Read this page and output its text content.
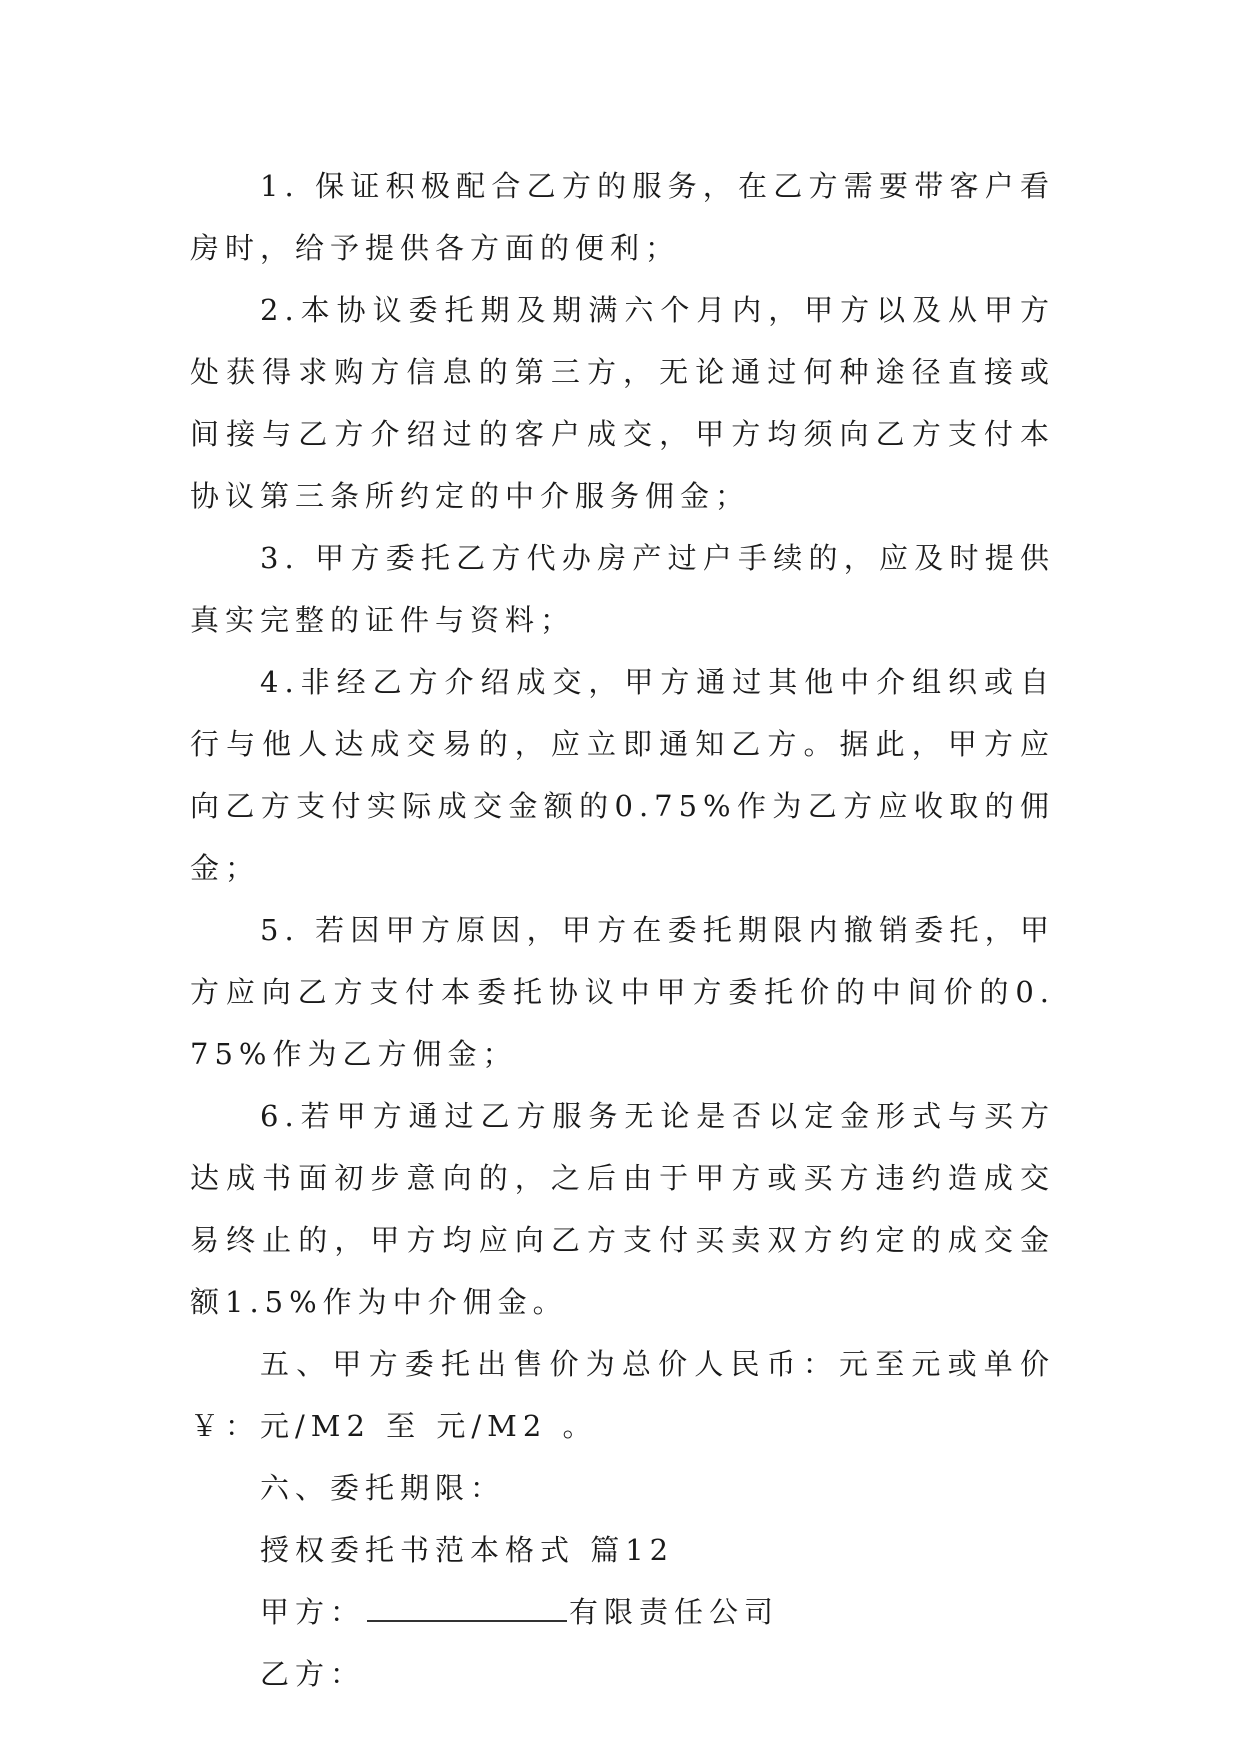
1. 保证积极配合乙方的服务，在乙方需要带客户看房时，给予提供各方面的便利；

2.本协议委托期及期满六个月内，甲方以及从甲方处获得求购方信息的第三方，无论通过何种途径直接或间接与乙方介绍过的客户成交，甲方均须向乙方支付本协议第三条所约定的中介服务佣金；

3. 甲方委托乙方代办房产过户手续的，应及时提供真实完整的证件与资料；

4.非经乙方介绍成交，甲方通过其他中介组织或自行与他人达成交易的，应立即通知乙方。据此，甲方应向乙方支付实际成交金额的0.75%作为乙方应收取的佣金；

5. 若因甲方原因，甲方在委托期限内撤销委托，甲方应向乙方支付本委托协议中甲方委托价的中间价的0.75%作为乙方佣金；

6.若甲方通过乙方服务无论是否以定金形式与买方达成书面初步意向的，之后由于甲方或买方违约造成交易终止的，甲方均应向乙方支付买卖双方约定的成交金额1.5%作为中介佣金。

五、甲方委托出售价为总价人民币：元至元或单价￥：元/M2 至 元/M2 。

六、委托期限：

授权委托书范本格式 篇12

甲方：	有限责任公司

乙方：
